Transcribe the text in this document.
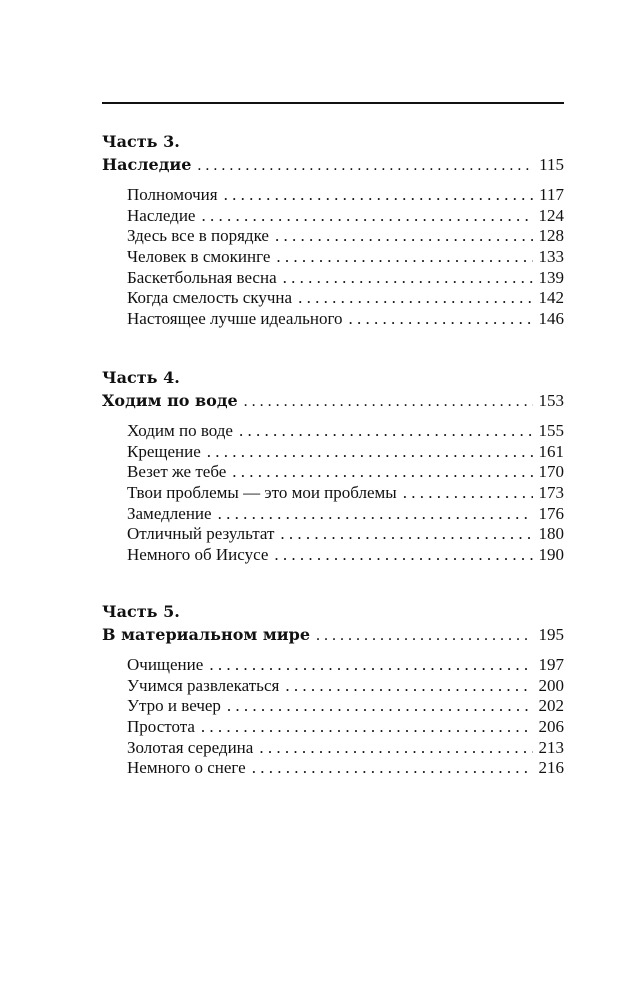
Часть 3.
Наследие . . .	115
Полномочия . . .	117
Наследие . . .	124
Здесь все в порядке . . .	128
Человек в смокинге . . .	133
Баскетбольная весна . . .	139
Когда смелость скучна . . .	142
Настоящее лучше идеального . . .	146
Часть 4.
Ходим по воде . . .	153
Ходим по воде . . .	155
Крещение . . .	161
Везет же тебе . . .	170
Твои проблемы — это мои проблемы . . .	173
Замедление . . .	176
Отличный результат . . .	180
Немного об Иисусе . . .	190
Часть 5.
В материальном мире . . .	195
Очищение . . .	197
Учимся развлекаться . . .	200
Утро и вечер . . .	202
Простота . . .	206
Золотая середина . . .	213
Немного о снеге . . .	216
